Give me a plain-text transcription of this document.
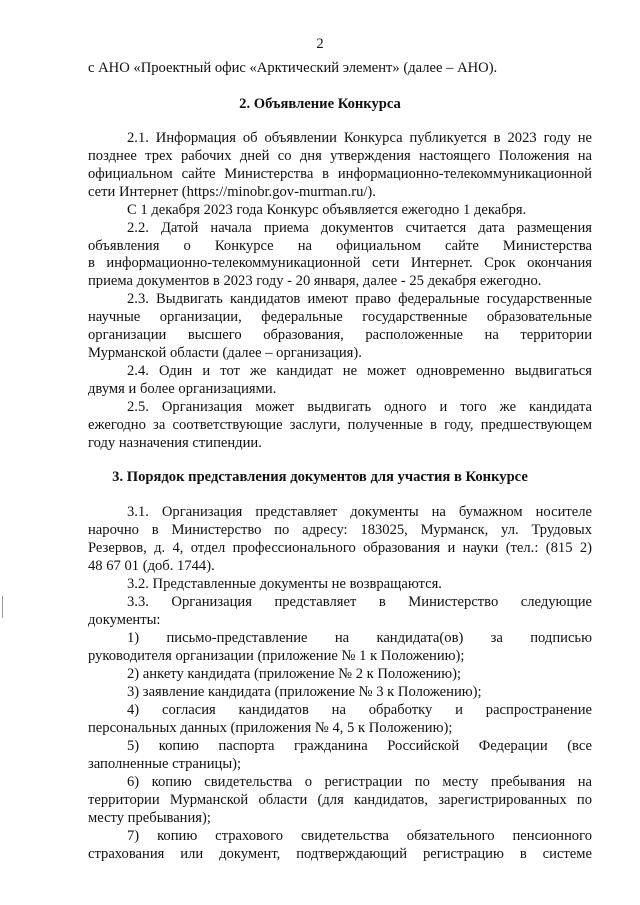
2
с АНО «Проектный офис «Арктический элемент» (далее – АНО).
2. Объявление Конкурса
2.1. Информация об объявлении Конкурса публикуется в 2023 году не
позднее трех рабочих дней со дня утверждения настоящего Положения на
официальном сайте Министерства в информационно-телекоммуникационной
сети Интернет (https://minobr.gov-murman.ru/).
С 1 декабря 2023 года Конкурс объявляется ежегодно 1 декабря.
2.2. Датой начала приема документов считается дата размещения
объявления о Конкурсе на официальном сайте Министерства
в информационно-телекоммуникационной сети Интернет. Срок окончания
приема документов в 2023 году - 20 января, далее - 25 декабря ежегодно.
2.3. Выдвигать кандидатов имеют право федеральные государственные
научные организации, федеральные государственные образовательные
организации высшего образования, расположенные на территории
Мурманской области (далее – организация).
2.4. Один и тот же кандидат не может одновременно выдвигаться
двумя и более организациями.
2.5. Организация может выдвигать одного и того же кандидата
ежегодно за соответствующие заслуги, полученные в году, предшествующем
году назначения стипендии.
3. Порядок представления документов для участия в Конкурсе
3.1. Организация представляет документы на бумажном носителе
нарочно в Министерство по адресу: 183025, Мурманск, ул. Трудовых
Резервов, д. 4, отдел профессионального образования и науки (тел.: (815 2)
48 67 01 (доб. 1744).
3.2. Представленные документы не возвращаются.
3.3. Организация представляет в Министерство следующие
документы:
1) письмо-представление на кандидата(ов) за подписью
руководителя организации (приложение № 1 к Положению);
2) анкету кандидата (приложение № 2 к Положению);
3) заявление кандидата (приложение № 3 к Положению);
4) согласия кандидатов на обработку и распространение
персональных данных (приложения № 4, 5 к Положению);
5) копию паспорта гражданина Российской Федерации (все
заполненные страницы);
6) копию свидетельства о регистрации по месту пребывания на
территории Мурманской области (для кандидатов, зарегистрированных по
месту пребывания);
7) копию страхового свидетельства обязательного пенсионного
страхования или документ, подтверждающий регистрацию в системе
